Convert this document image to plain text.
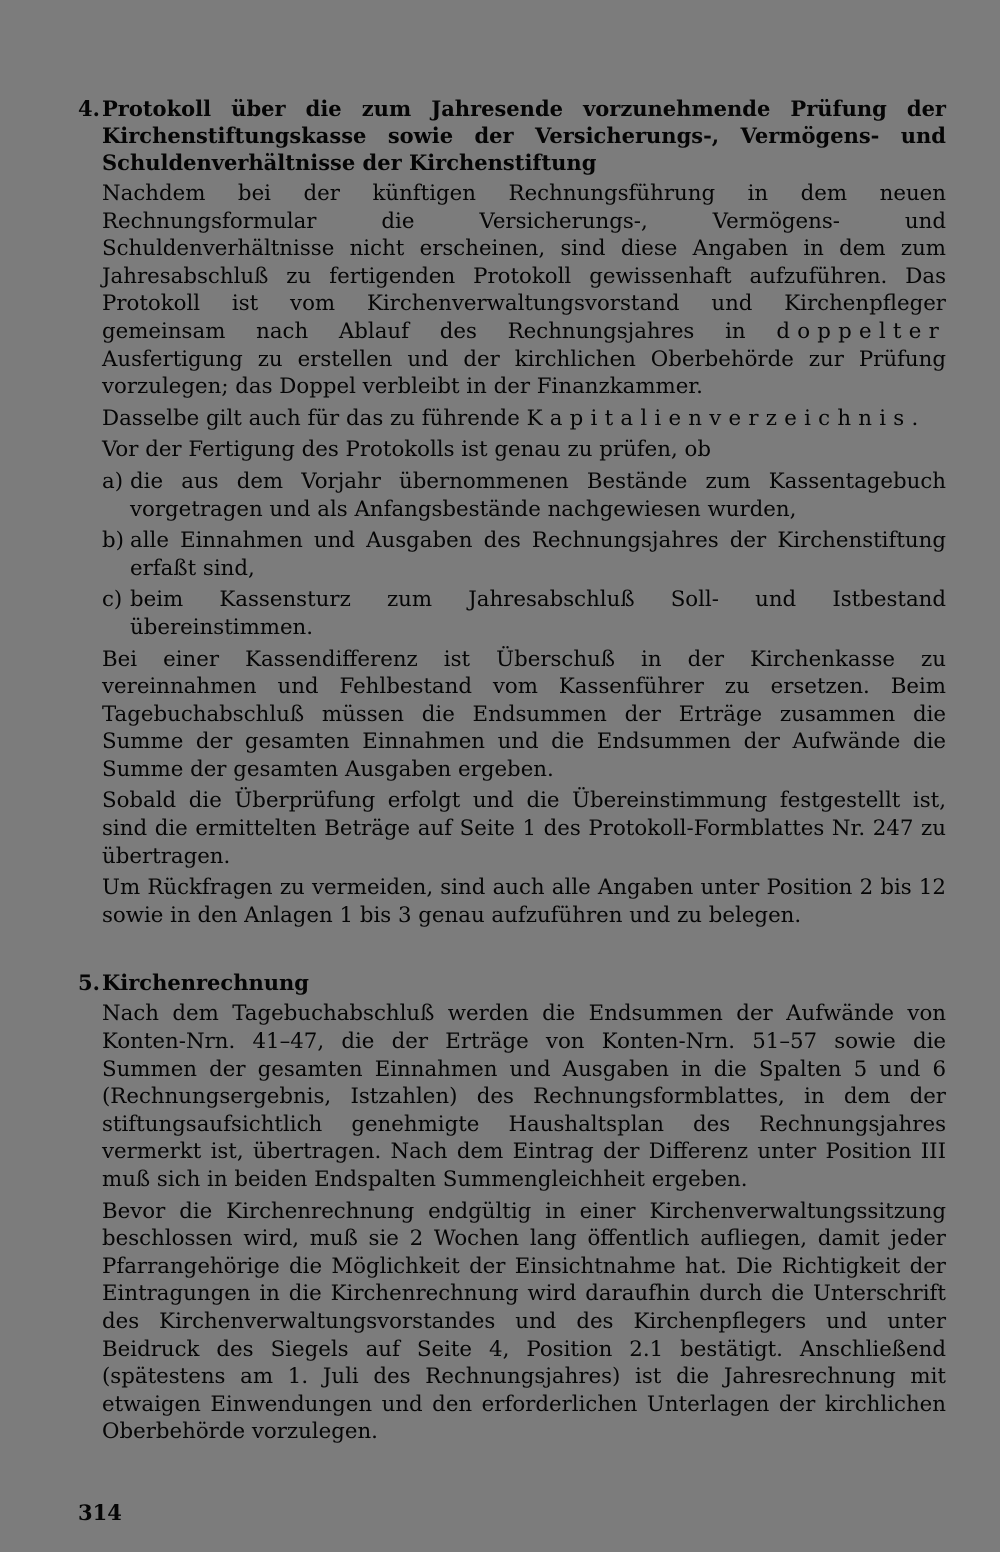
4. Protokoll über die zum Jahresende vorzunehmende Prüfung der Kirchenstiftungskasse sowie der Versicherungs-, Vermögens- und Schuldenverhältnisse der Kirchenstiftung

Nachdem bei der künftigen Rechnungsführung in dem neuen Rechnungsformular die Versicherungs-, Vermögens- und Schuldenverhältnisse nicht erscheinen, sind diese Angaben in dem zum Jahresabschluß zu fertigenden Protokoll gewissenhaft aufzuführen. Das Protokoll ist vom Kirchenverwaltungsvorstand und Kirchenpfleger gemeinsam nach Ablauf des Rechnungsjahres in doppelter Ausfertigung zu erstellen und der kirchlichen Oberbehörde zur Prüfung vorzulegen; das Doppel verbleibt in der Finanzkammer.

Dasselbe gilt auch für das zu führende Kapitalienverzeichnis.

Vor der Fertigung des Protokolls ist genau zu prüfen, ob

a) die aus dem Vorjahr übernommenen Bestände zum Kassentagebuch vorgetragen und als Anfangsbestände nachgewiesen wurden,
b) alle Einnahmen und Ausgaben des Rechnungsjahres der Kirchenstiftung erfaßt sind,
c) beim Kassensturz zum Jahresabschluß Soll- und Istbestand übereinstimmen.

Bei einer Kassendifferenz ist Überschuß in der Kirchenkasse zu vereinnahmen und Fehlbestand vom Kassenführer zu ersetzen. Beim Tagebuchabschluß müssen die Endsummen der Erträge zusammen die Summe der gesamten Einnahmen und die Endsummen der Aufwände die Summe der gesamten Ausgaben ergeben.

Sobald die Überprüfung erfolgt und die Übereinstimmung festgestellt ist, sind die ermittelten Beträge auf Seite 1 des Protokoll-Formblattes Nr. 247 zu übertragen.

Um Rückfragen zu vermeiden, sind auch alle Angaben unter Position 2 bis 12 sowie in den Anlagen 1 bis 3 genau aufzuführen und zu belegen.

5. Kirchenrechnung

Nach dem Tagebuchabschluß werden die Endsummen der Aufwände von Konten-Nrn. 41–47, die der Erträge von Konten-Nrn. 51–57 sowie die Summen der gesamten Einnahmen und Ausgaben in die Spalten 5 und 6 (Rechnungsergebnis, Istzahlen) des Rechnungsformblattes, in dem der stiftungsaufsichtlich genehmigte Haushaltsplan des Rechnungsjahres vermerkt ist, übertragen. Nach dem Eintrag der Differenz unter Position III muß sich in beiden Endspalten Summengleichheit ergeben.

Bevor die Kirchenrechnung endgültig in einer Kirchenverwaltungssitzung beschlossen wird, muß sie 2 Wochen lang öffentlich aufliegen, damit jeder Pfarrangehörige die Möglichkeit der Einsichtnahme hat. Die Richtigkeit der Eintragungen in die Kirchenrechnung wird daraufhin durch die Unterschrift des Kirchenverwaltungsvorstandes und des Kirchenpflegers und unter Beidruck des Siegels auf Seite 4, Position 2.1 bestätigt. Anschließend (spätestens am 1. Juli des Rechnungsjahres) ist die Jahresrechnung mit etwaigen Einwendungen und den erforderlichen Unterlagen der kirchlichen Oberbehörde vorzulegen.

314
